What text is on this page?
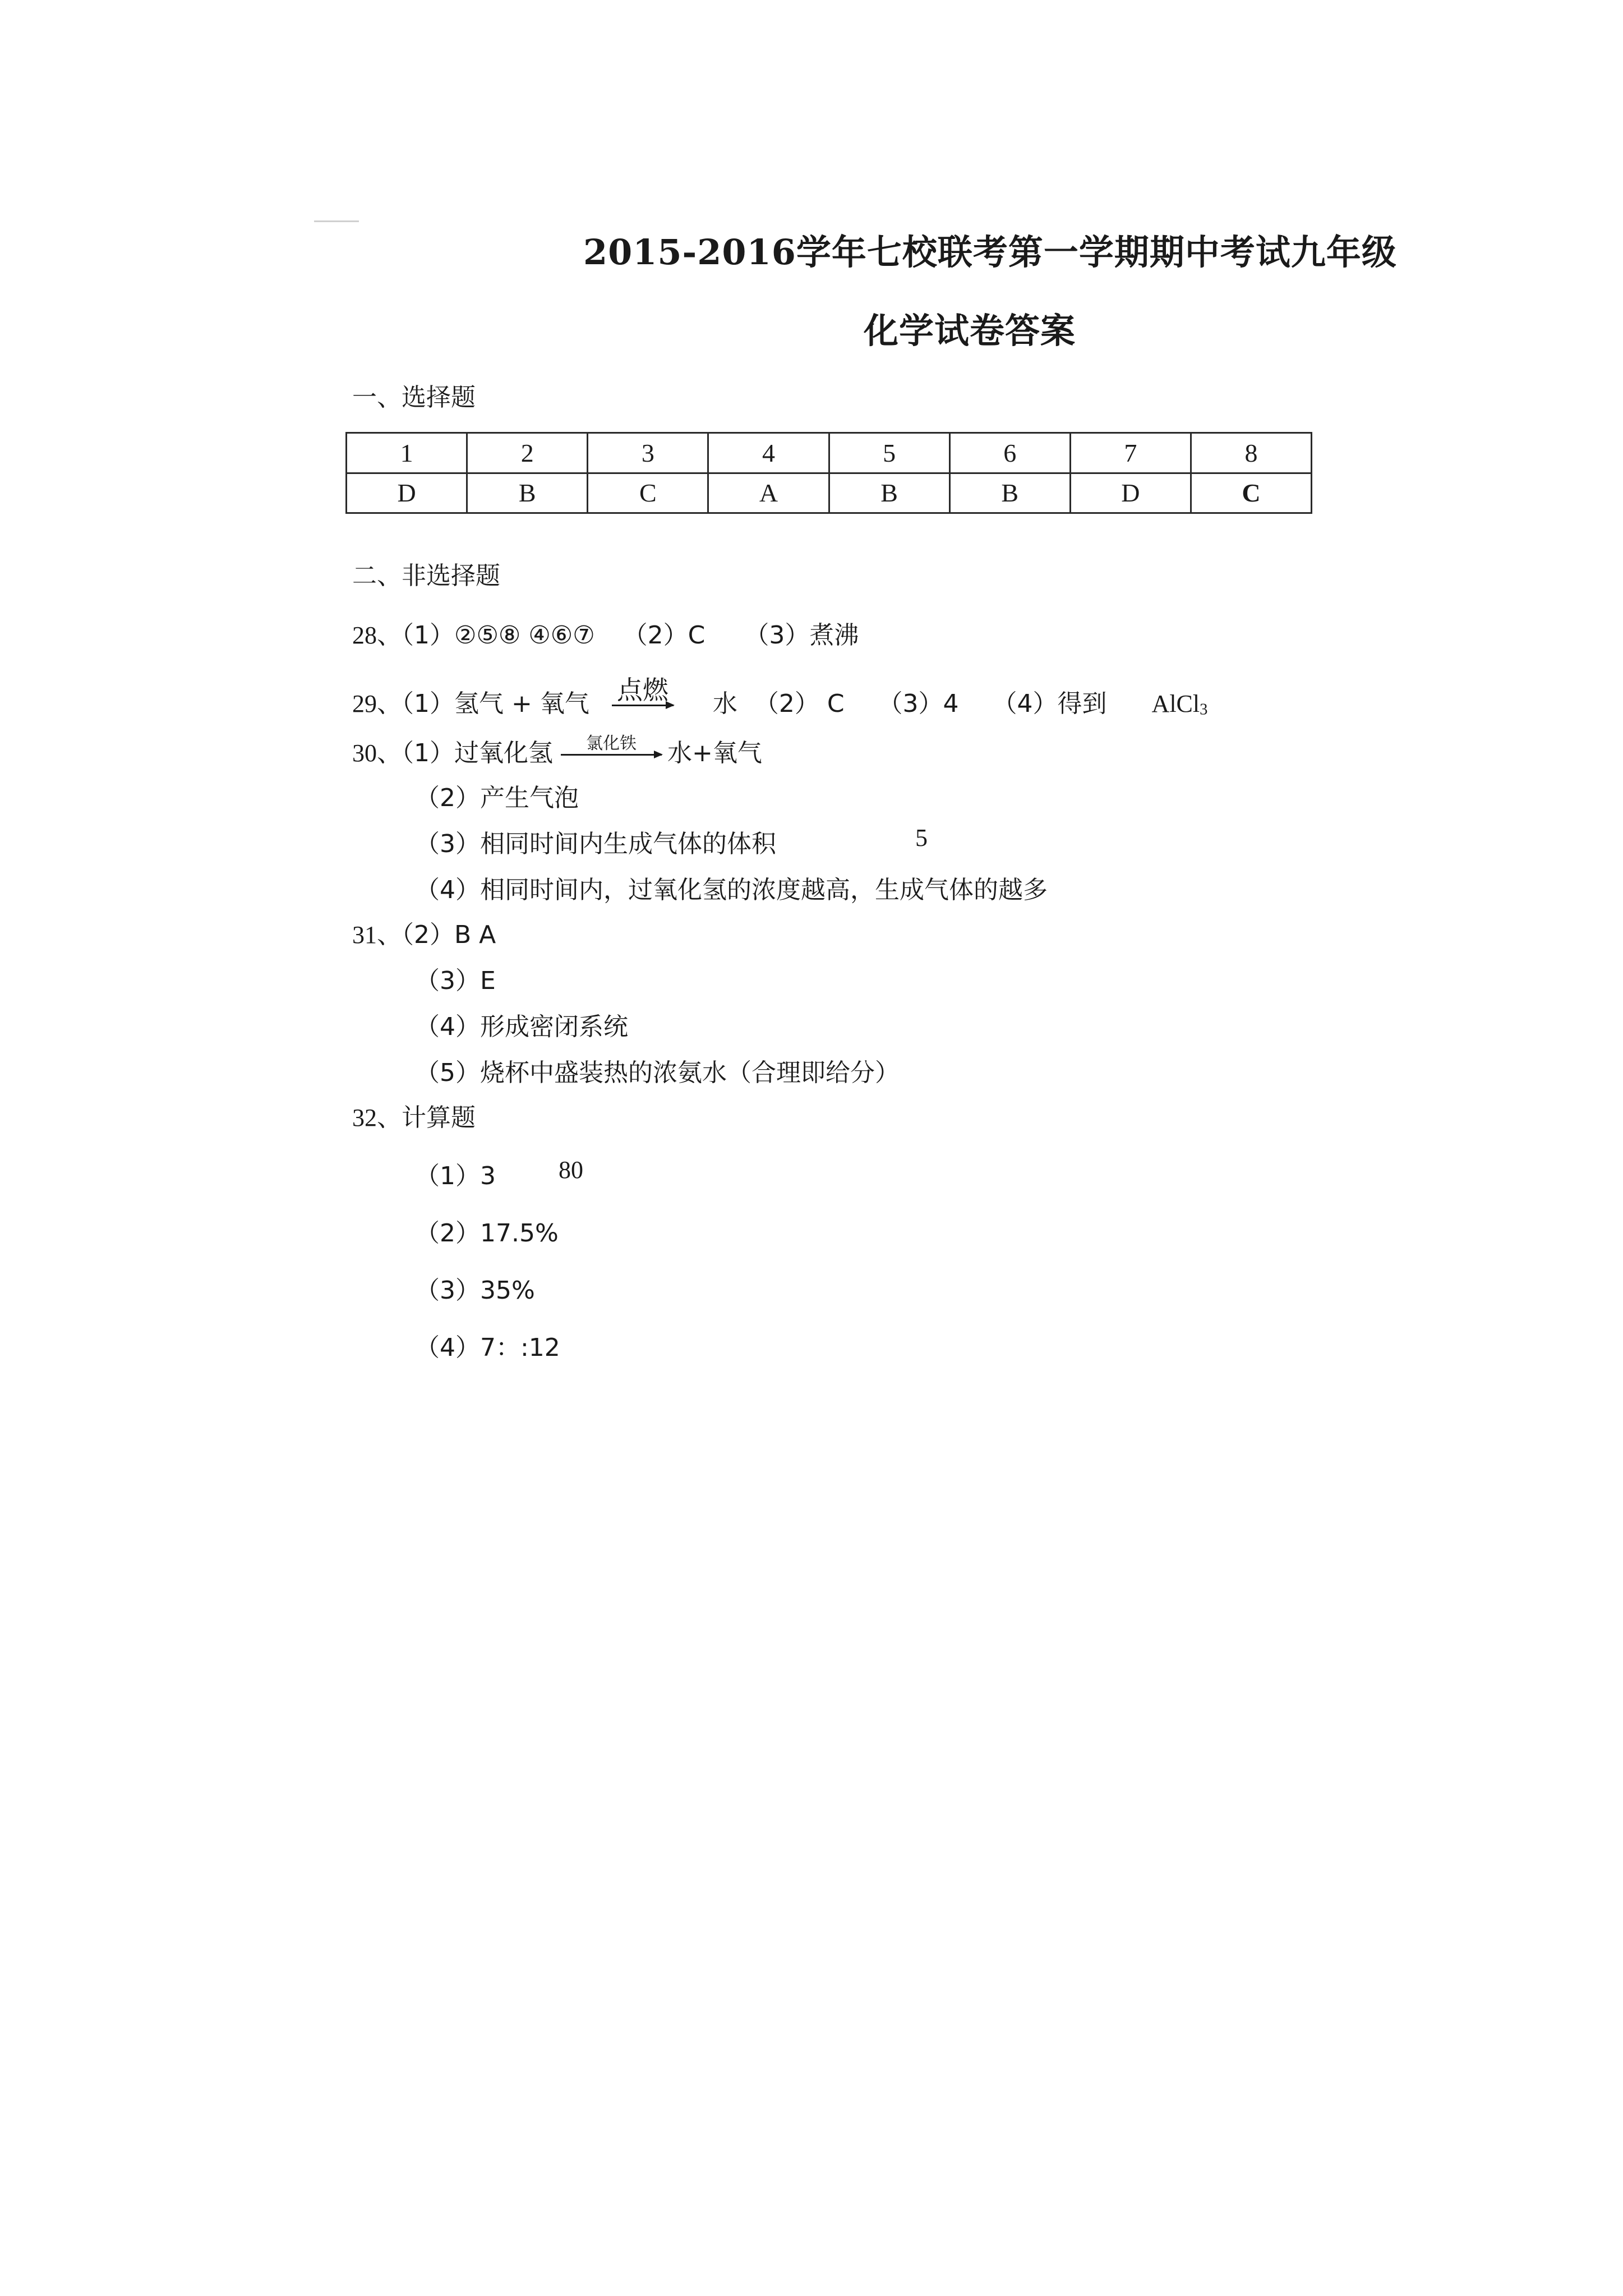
2015-2016学年七校联考第一学期期中考试九年级
化学试卷答案
一、选择题
1	2	3	4	5	6	7	8
D	B	C	A	B	B	D	C
二、非选择题
28、（1）②⑤⑧ ④⑥⑦ （2）C （3）煮沸
29、（1）氢气 + 氧气 点燃 水 （2） C （3）4 （4）得到 AlCl3
30、（1）过氧化氢	氯化铁	水+氧气
（2）产生气泡
（3）相同时间内生成气体的体积	5
（4）相同时间内，过氧化氢的浓度越高，生成气体的越多
31、（2）B A
（3）E
（4）形成密闭系统
（5）烧杯中盛装热的浓氨水（合理即给分）
32、计算题
（1）3	80
（2）17.5%
（3）35%
（4）7：:12
